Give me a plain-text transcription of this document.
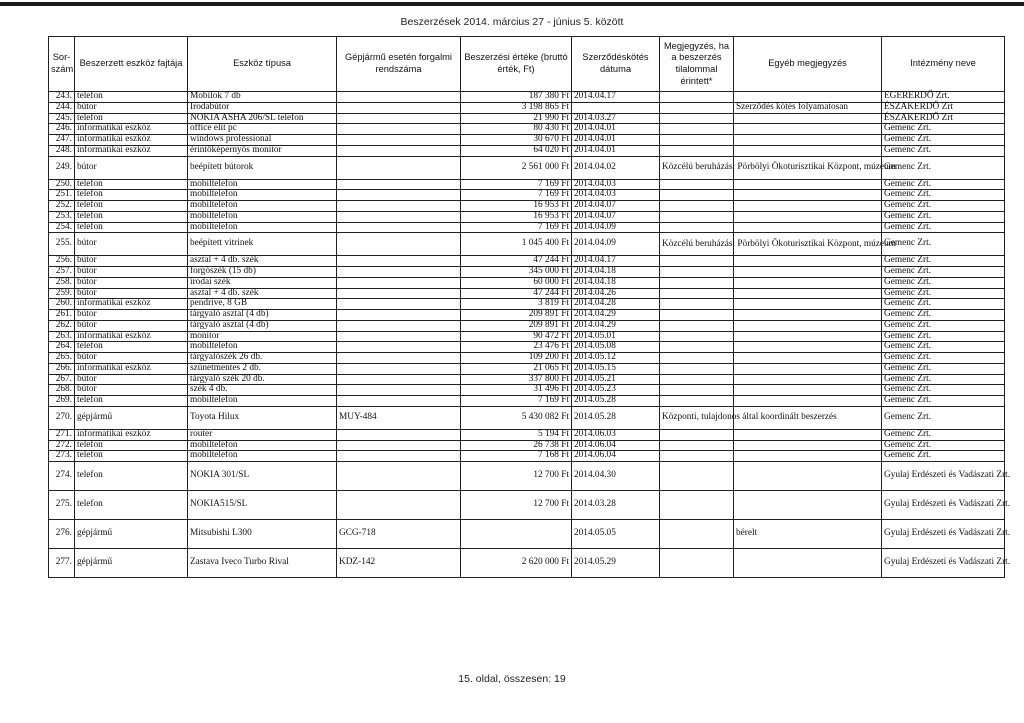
Beszerzések 2014. március 27 - június 5. között
Sor-szám	Beszerzett eszköz fajtája	Eszköz típusa	Gépjármű esetén forgalmi rendszáma	Beszerzési értéke (bruttó érték, Ft)	Szerződéskötés dátuma	Megjegyzés, ha a beszerzés tilalommal érintett*	Egyéb megjegyzés	Intézmény neve
243.	telefon	Mobilok 7 db		187 380 Ft	2014.04.17			EGERERDŐ Zrt.
244.	bútor	Irodabútor		3 198 865 Ft			Szerződés kötés folyamatosan	ÉSZAKERDŐ Zrt
245.	telefon	NOKIA ASHA 206/SL telefon		21 990 Ft	2014.03.27			ÉSZAKERDŐ Zrt
246.	informatikai eszköz	office elit pc		80 430 Ft	2014.04.01			Gemenc Zrt.
247.	informatikai eszköz	windows professional		30 670 Ft	2014.04.01			Gemenc Zrt.
248.	informatikai eszköz	érintőképernyős monitor		64 020 Ft	2014.04.01			Gemenc Zrt.
249.	bútor	beépített bútorok		2 561 000 Ft	2014.04.02	Közcélú beruházás: Pörbölyi Ökoturisztikai Központ, múzeum		Gemenc Zrt.
250.	telefon	mobiltelefon		7 169 Ft	2014.04.03			Gemenc Zrt.
251.	telefon	mobiltelefon		7 169 Ft	2014.04.03			Gemenc Zrt.
252.	telefon	mobiltelefon		16 953 Ft	2014.04.07			Gemenc Zrt.
253.	telefon	mobiltelefon		16 953 Ft	2014.04.07			Gemenc Zrt.
254.	telefon	mobiltelefon		7 169 Ft	2014.04.09			Gemenc Zrt.
255.	bútor	beépített vitrinek		1 045 400 Ft	2014.04.09	Közcélú beruházás: Pörbölyi Ökoturisztikai Központ, múzeum		Gemenc Zrt.
256.	bútor	asztal + 4 db. szék		47 244 Ft	2014.04.17			Gemenc Zrt.
257.	bútor	forgószék (15 db)		345 000 Ft	2014.04.18			Gemenc Zrt.
258.	bútor	irodai szék		60 000 Ft	2014.04.18			Gemenc Zrt.
259.	bútor	asztal + 4 db. szék		47 244 Ft	2014.04.26			Gemenc Zrt.
260.	informatikai eszköz	pendrive, 8 GB		3 819 Ft	2014.04.28			Gemenc Zrt.
261.	bútor	tárgyaló asztal (4 db)		209 891 Ft	2014.04.29			Gemenc Zrt.
262.	bútor	tárgyaló asztal (4 db)		209 891 Ft	2014.04.29			Gemenc Zrt.
263.	informatikai eszköz	monitor		90 472 Ft	2014.05.01			Gemenc Zrt.
264.	telefon	mobiltelefon		23 476 Ft	2014.05.08			Gemenc Zrt.
265.	bútor	tárgyalószék 26 db.		109 200 Ft	2014.05.12			Gemenc Zrt.
266.	informatikai eszköz	szünetmentes 2 db.		21 065 Ft	2014.05.15			Gemenc Zrt.
267.	bútor	tárgyaló szék 20 db.		337 800 Ft	2014.05.21			Gemenc Zrt.
268.	bútor	szék 4 db.		31 496 Ft	2014.05.23			Gemenc Zrt.
269.	telefon	mobiltelefon		7 169 Ft	2014.05.28			Gemenc Zrt.
270.	gépjármű	Toyota Hilux	MUY-484	5 430 082 Ft	2014.05.28	Központi, tulajdonos által koordinált beszerzés		Gemenc Zrt.
271.	informatikai eszköz	router		5 194 Ft	2014.06.03			Gemenc Zrt.
272.	telefon	mobiltelefon		26 738 Ft	2014.06.04			Gemenc Zrt.
273.	telefon	mobiltelefon		7 168 Ft	2014.06.04			Gemenc Zrt.
274.	telefon	NOKIA 301/SL		12 700 Ft	2014.04.30			Gyulaj Erdészeti és Vadászati Zrt.
275.	telefon	NOKIA515/SL		12 700 Ft	2014.03.28			Gyulaj Erdészeti és Vadászati Zrt.
276.	gépjármű	Mitsubishi L300	GCG-718		2014.05.05		bérelt	Gyulaj Erdészeti és Vadászati Zrt.
277.	gépjármű	Zastava Iveco Turbo Rival	KDZ-142	2 620 000 Ft	2014.05.29			Gyulaj Erdészeti és Vadászati Zrt.
15. oldal, összesen: 19
